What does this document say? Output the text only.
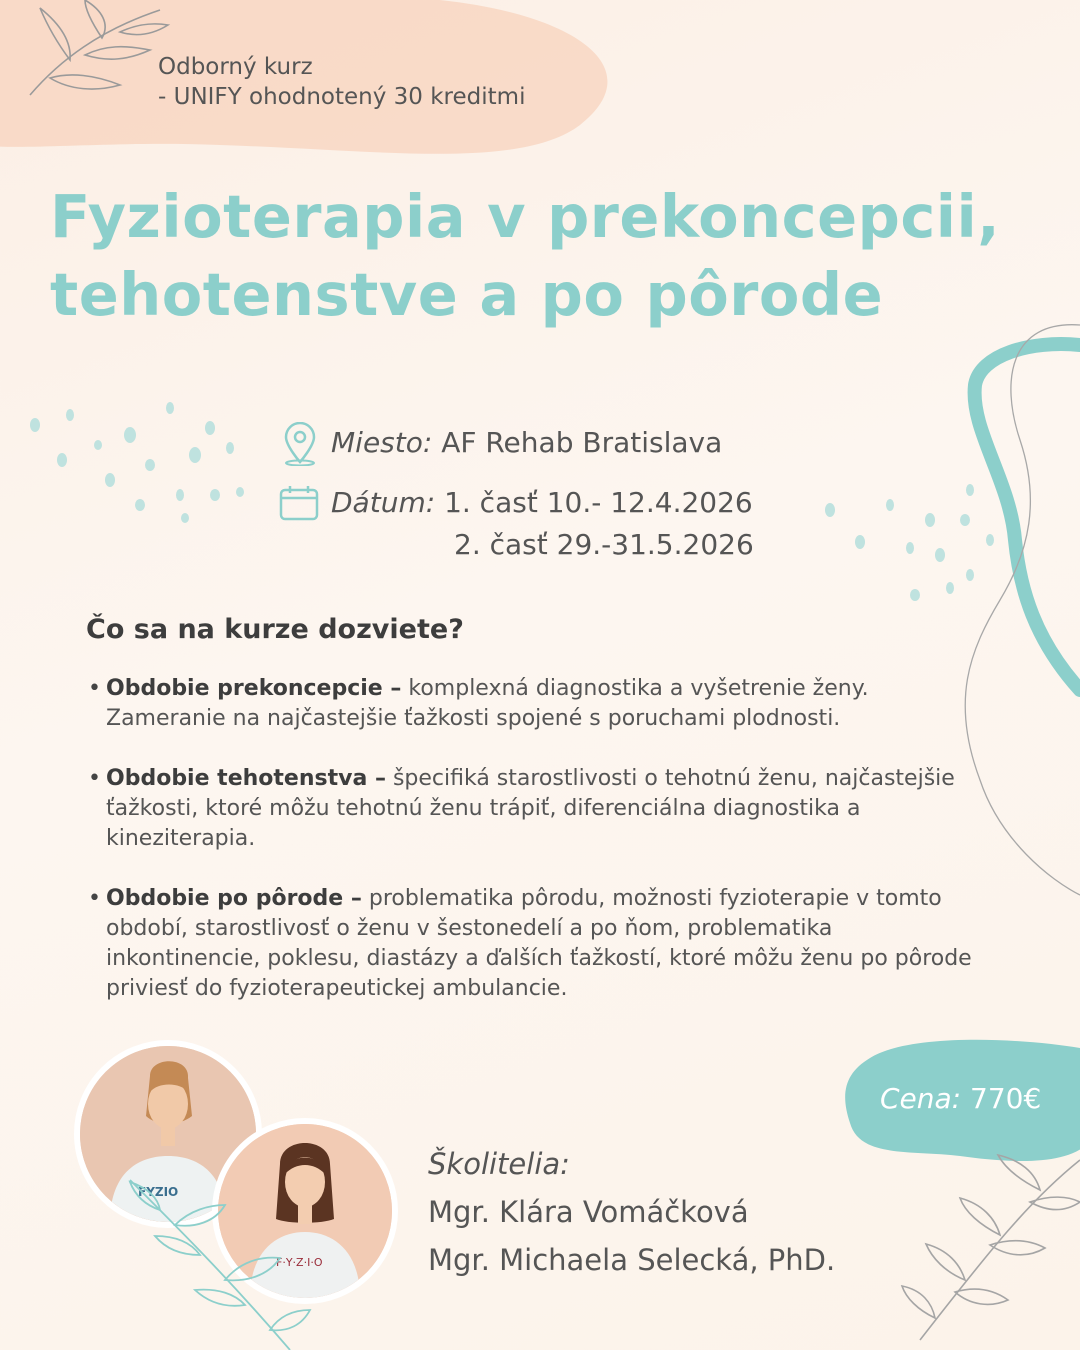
Odborný kurz
- UNIFY ohodnotený 30 kreditmi
Fyzioterapia v prekoncepcii,
tehotenstve a po pôrode
Miesto: AF Rehab Bratislava
Dátum: 1. časť 10.- 12.4.2026
2. časť 29.-31.5.2026
Čo sa na kurze dozviete?
• Obdobie prekoncepcie – komplexná diagnostika a vyšetrenie ženy. Zameranie na najčastejšie ťažkosti spojené s poruchami plodnosti.
• Obdobie tehotenstva – špecifiká starostlivosti o tehotnú ženu, najčastejšie ťažkosti, ktoré môžu tehotnú ženu trápiť, diferenciálna diagnostika a kineziterapia.
• Obdobie po pôrode – problematika pôrodu, možnosti fyzioterapie v tomto období, starostlivosť o ženu v šestonedelí a po ňom, problematika inkontinencie, poklesu, diastázy a ďalších ťažkostí, ktoré môžu ženu po pôrode priviesť do fyzioterapeutickej ambulancie.
FYZIO
F·Y·Z·I·O
Školitelia:
Mgr. Klára Vomáčková
Mgr. Michaela Selecká, PhD.
Cena: 770€
